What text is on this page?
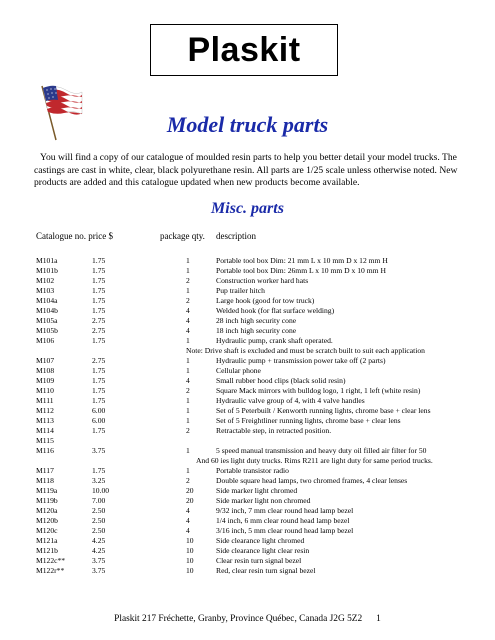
Plaskit
Model truck parts
You will find a copy of our catalogue of moulded resin parts to help you better detail your model trucks. The castings are cast in white, clear, black polyurethane resin. All parts are 1/25 scale unless otherwise noted. New products are added and this catalogue updated when new products become available.
Misc. parts
Catalogue no. price $	package qty. description
M101a	1.75	1	Portable tool box Dim: 21 mm L x 10 mm D x 12 mm H
M101b	1.75	1	Portable tool box Dim: 26mm L x 10 mm D x 10 mm H
M102	1.75	2	Construction worker hard hats
M103	1.75	1	Pup trailer hitch
M104a	1.75	2	Large hook (good for tow truck)
M104b	1.75	4	Welded hook (for flat surface welding)
M105a	2.75	4	28 inch high security cone
M105b	2.75	4	18 inch high security cone
M106	1.75	1	Hydraulic pump, crank shaft operated.
Note: Drive shaft is excluded and must be scratch built to suit each application
M107	2.75	1	Hydraulic pump + transmission power take off (2 parts)
M108	1.75	1	Cellular phone
M109	1.75	4	Small rubber hood clips (black solid resin)
M110	1.75	2	Square Mack mirrors with bulldog logo, 1 right, 1 left (white resin)
M111	1.75	1	Hydraulic valve group of 4, with 4 valve handles
M112	6.00	1	Set of 5 Peterbuilt / Kenworth running lights, chrome base + clear lens
M113	6.00	1	Set of 5 Freightliner running lights, chrome base + clear lens
M114	1.75	2	Retractable step, in retracted position.
M115
M116	3.75	1	5 speed manual transmission and heavy duty oil filled air filter for 50
And 60 ies light duty trucks. Rims R211 are light duty for same period trucks.
M117	1.75	1	Portable transistor radio
M118	3.25	2	Double square head lamps, two chromed frames, 4 clear lenses
M119a	10.00	20	Side marker light chromed
M119b	7.00	20	Side marker light non chromed
M120a	2.50	4	9/32 inch, 7 mm clear round head lamp bezel
M120b	2.50	4	1/4 inch, 6 mm clear round head lamp bezel
M120c	2.50	4	3/16 inch, 5 mm clear round head lamp bezel
M121a	4.25	10	Side clearance light chromed
M121b	4.25	10	Side clearance light clear resin
M122c**	3.75	10	Clear resin turn signal bezel
M122r**	3.75	10	Red, clear resin turn signal bezel
Plaskit 217 Fréchette, Granby, Province Québec, Canada J2G 5Z2 1
